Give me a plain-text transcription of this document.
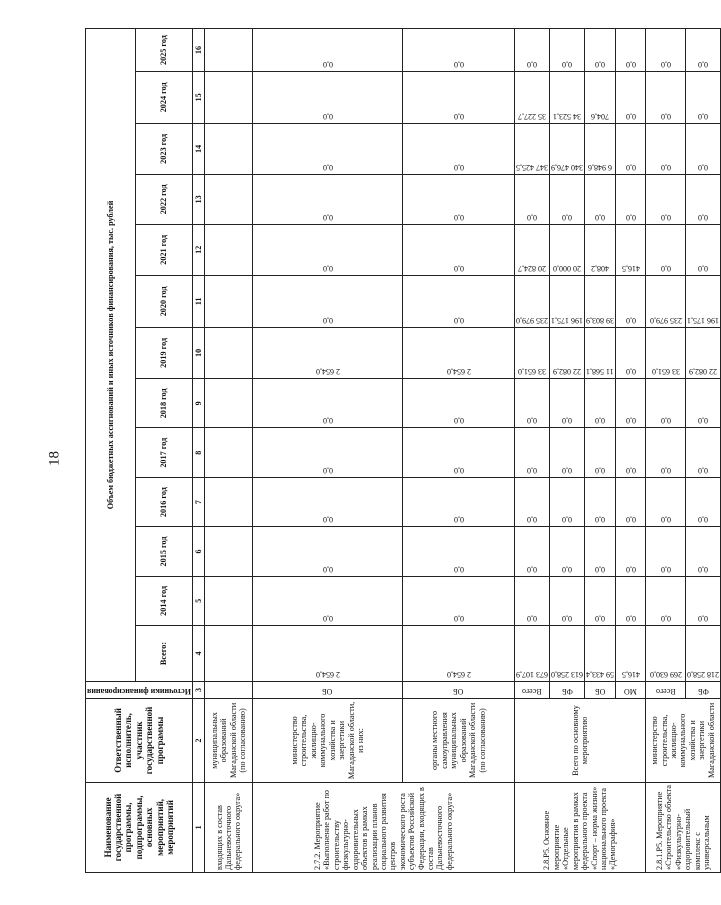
18
Наименование государственной программы, подпрограммы, основных мероприятий, мероприятий	Ответственный исполнитель, участник государственной программы	Источники финансирования	Объем бюджетных ассигнований и иных источников финансирования, тыс. рублей												
			Всего:	2014 год	2015 год	2016 год	2017 год	2018 год	2019 год	2020 год	2021 год	2022 год	2023 год	2024 год	2025 год
1	2	3	4	5	6	7	8	9	10	11	12	13	14	15	16
входящих в состав Дальневосточного федерального округа»	муниципальных образований Магаданской области (по согласованию)	

2.7.2. Мероприятие «Выполнение работ по строительству физкультурно-оздоровительных объектов в рамках реализации планов социального развития центров экономического роста субъектов Российской Федерации, входящих в состав Дальневосточного федерального округа»	министерство строительства, жилищно-коммунального хозяйства и энергетики Магаданской области, из них:	ОБ	2 654,0	0,0	0,0	0,0	0,0	0,0	2 654,0	0,0	0,0	0,0	0,0	0,0	0,0

	органы местного самоуправления муниципальных образований Магаданской области (по согласованию)	ОБ	2 654,0	0,0	0,0	0,0	0,0	0,0	2 654,0	0,0	0,0	0,0	0,0	0,0	0,0

2.8.P5. Основное мероприятие «Отдельные мероприятия в рамках федерального проекта «Спорт – норма жизни» национального проекта «Демография»	Всего по основному мероприятию	Всего	673 107,9	0,0	0,0	0,0	0,0	0,0	33 651,0	235 979,0	20 824,7	0,0	347 425,5	35 227,7	0,0

		ФБ	613 258,0	0,0	0,0	0,0	0,0	0,0	22 082,9	196 175,1	20 000,0	0,0	340 476,9	34 523,1	0,0

		ОБ	59 433,4	0,0	0,0	0,0	0,0	0,0	11 568,1	39 803,9	408,2	0,0	6 948,6	704,6	0,0

		МО	416,5	0,0	0,0	0,0	0,0	0,0	0,0	0,0	416,5	0,0	0,0	0,0	0,0

2.8.1.P5. Мероприятие «Строительство объекта «Физкультурно-оздоровительный комплекс с универсальным	министерство строительства, жилищно-коммунального хозяйства и энергетики Магаданской области	Всего	269 630,0	0,0	0,0	0,0	0,0	0,0	33 651,0	235 979,0	0,0	0,0	0,0	0,0	0,0

		ФБ	218 258,0	0,0	0,0	0,0	0,0	0,0	22 082,9	196 175,1	0,0	0,0	0,0	0,0	0,0
